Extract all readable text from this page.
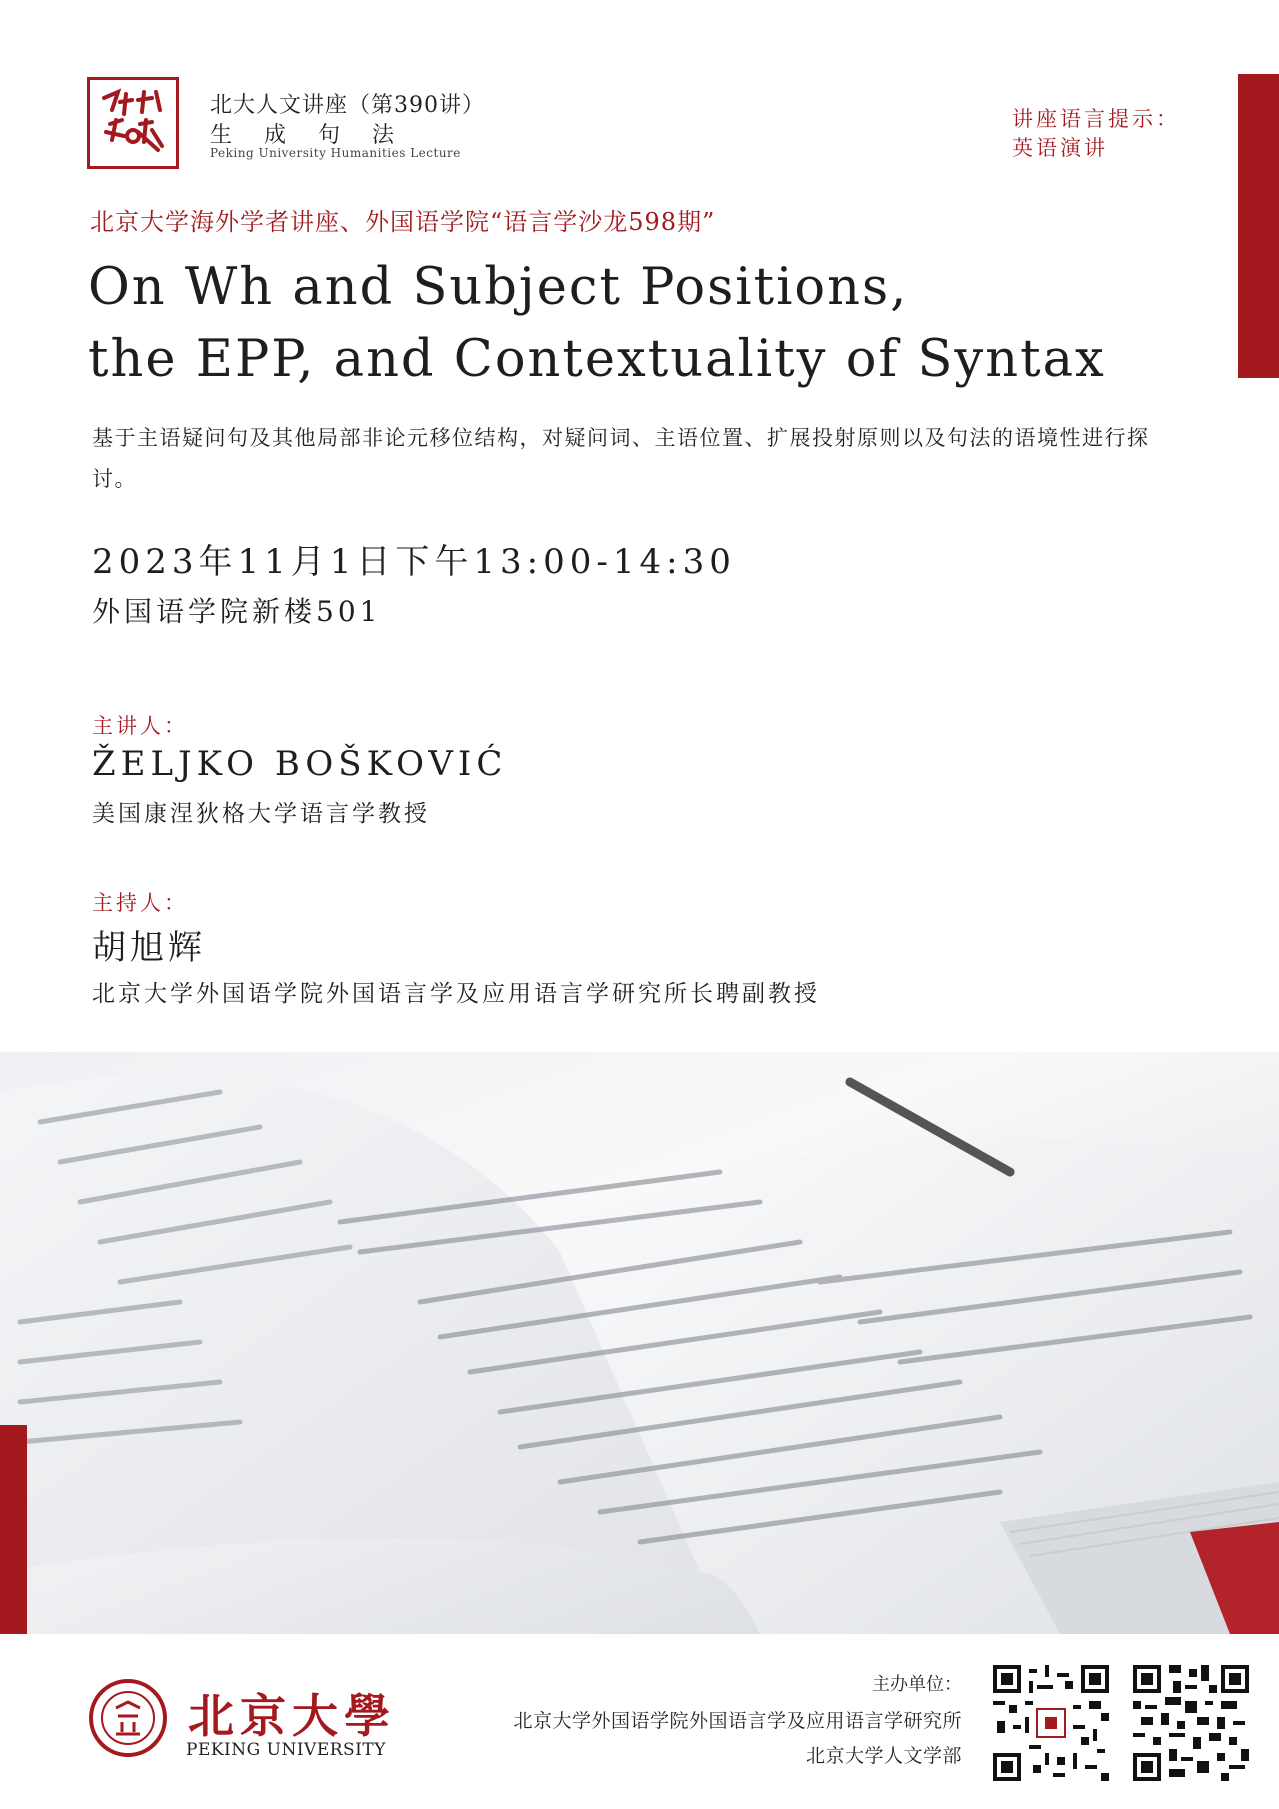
北大人文讲座（第390讲）
生成句法
Peking University Humanities Lecture
讲座语言提示：
英语演讲
北京大学海外学者讲座、外国语学院“语言学沙龙598期”
On Wh and Subject Positions,
the EPP, and Contextuality of Syntax
基于主语疑问句及其他局部非论元移位结构，对疑问词、主语位置、扩展投射原则以及句法的语境性进行探讨。
2023年11月1日下午13:00-14:30
外国语学院新楼501
主讲人：
ŽELJKO BOŠKOVIĆ
美国康涅狄格大学语言学教授
主持人：
胡旭辉
北京大学外国语学院外国语言学及应用语言学研究所长聘副教授
北京大學
PEKING UNIVERSITY
主办单位：
北京大学外国语学院外国语言学及应用语言学研究所
北京大学人文学部
